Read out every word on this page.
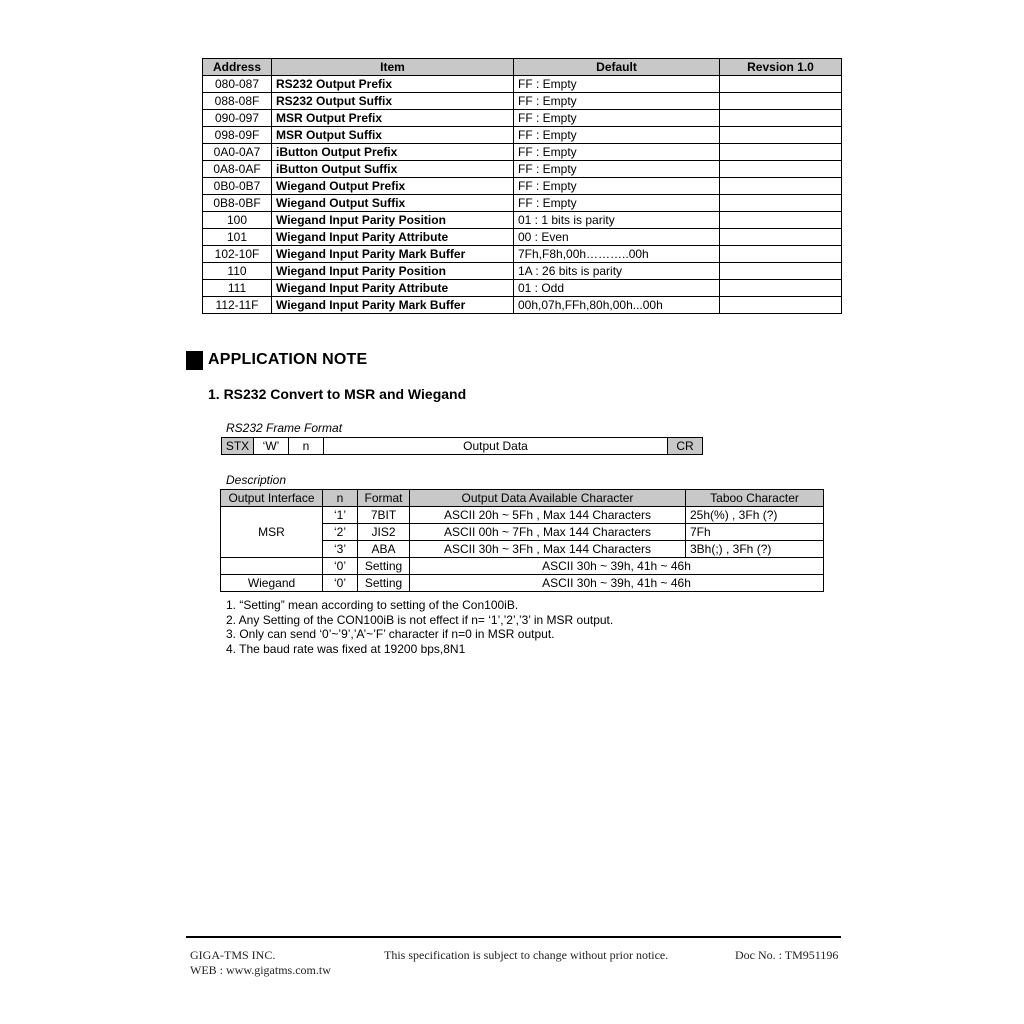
Address	Item	Default	Revsion 1.0
080-087	RS232 Output Prefix	FF : Empty	
088-08F	RS232 Output Suffix	FF : Empty	
090-097	MSR Output Prefix	FF : Empty	
098-09F	MSR Output Suffix	FF : Empty	
0A0-0A7	iButton Output Prefix	FF : Empty	
0A8-0AF	iButton Output Suffix	FF : Empty	
0B0-0B7	Wiegand Output Prefix	FF : Empty	
0B8-0BF	Wiegand Output Suffix	FF : Empty	
100	Wiegand Input Parity Position	01 : 1 bits is parity	
101	Wiegand Input Parity Attribute	00 : Even	
102-10F	Wiegand Input Parity Mark Buffer	7Fh,F8h,00h………..00h	
110	Wiegand Input Parity Position	1A : 26 bits is parity	
111	Wiegand Input Parity Attribute	01 : Odd	
112-11F	Wiegand Input Parity Mark Buffer	00h,07h,FFh,80h,00h...00h	
APPLICATION NOTE
1. RS232 Convert to MSR and Wiegand
RS232 Frame Format
STX	‘W’	n	Output Data	CR
Description
Output Interface	n	Format	Output Data Available Character	Taboo Character
MSR	‘1’	7BIT	ASCII 20h ~ 5Fh , Max 144 Characters	25h(%) , 3Fh (?)
	‘2’	JIS2	ASCII 00h ~ 7Fh , Max 144 Characters	7Fh
	‘3’	ABA	ASCII 30h ~ 3Fh , Max 144 Characters	3Bh(;) , 3Fh (?)
	‘0’	Setting	ASCII 30h ~ 39h, 41h ~ 46h	
Wiegand	‘0’	Setting	ASCII 30h ~ 39h, 41h ~ 46h	
1. “Setting” mean according to setting of the Con100iB.
2. Any Setting of the CON100iB is not effect if n= ‘1’,’2’,’3’ in MSR output.
3. Only can send ‘0’~’9’,’A’~’F’ character if n=0 in MSR output.
4. The baud rate was fixed at 19200 bps,8N1
GIGA-TMS INC.
WEB : www.gigatms.com.tw
This specification is subject to change without prior notice.	Doc No. : TM951196
